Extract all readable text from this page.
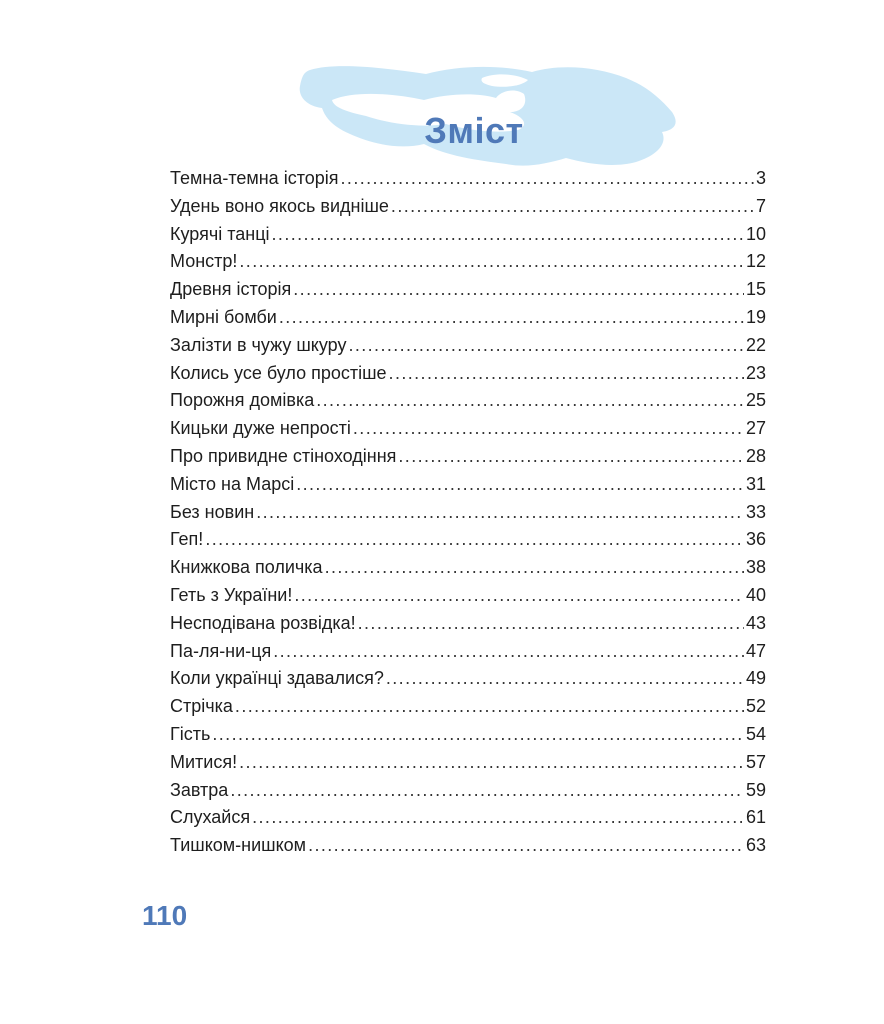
Зміст
Темна-темна історія .....	3
Удень воно якось видніше .....	7
Курячі танці .....	10
Монстр! .....	12
Древня історія .....	15
Мирні бомби .....	19
Залізти в чужу шкуру .....	22
Колись усе було простіше .....	23
Порожня домівка .....	25
Кицьки дуже непрості .....	27
Про привидне стіноходіння .....	28
Місто на Марсі .....	31
Без новин .....	33
Геп! .....	36
Книжкова поличка .....	38
Геть з України! .....	40
Несподівана розвідка! .....	43
Па-ля-ни-ця .....	47
Коли українці здавалися? .....	49
Стрічка .....	52
Гість .....	54
Митися! .....	57
Завтра .....	59
Слухайся .....	61
Тишком-нишком .....	63
110
